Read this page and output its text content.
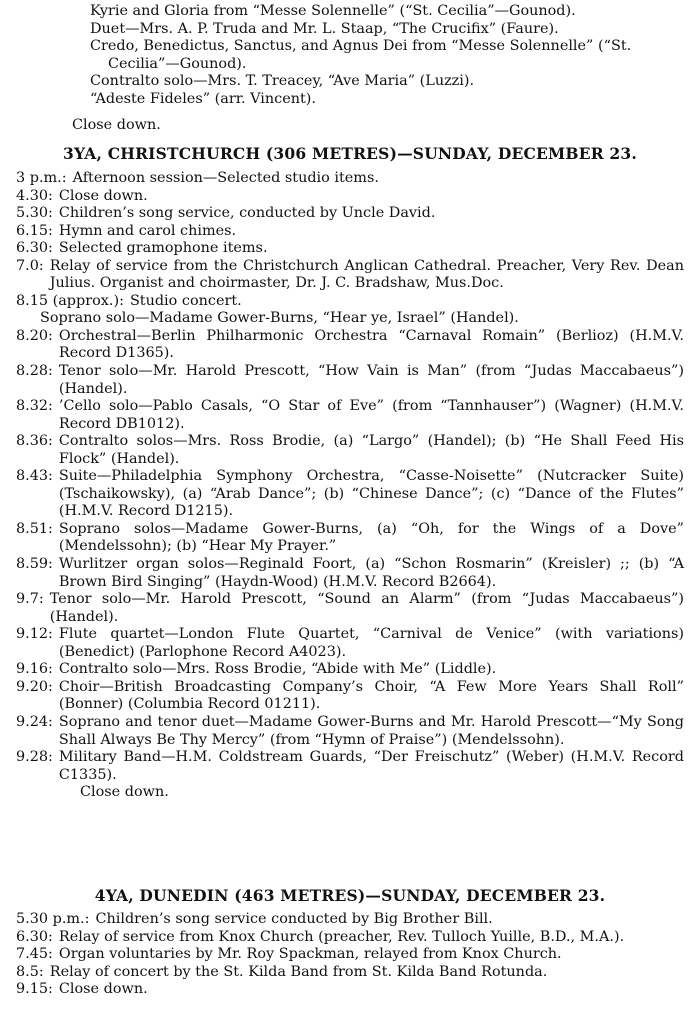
Kyrie and Gloria from “Messe Solennelle” (“St. Cecilia”—Gounod).
Duet—Mrs. A. P. Truda and Mr. L. Staap, “The Crucifix” (Faure).
Credo, Benedictus, Sanctus, and Agnus Dei from “Messe Solennelle” (“St. Cecilia”—Gounod).
Contralto solo—Mrs. T. Treacey, “Ave Maria” (Luzzi).
“Adeste Fideles” (arr. Vincent).
Close down.
3YA, CHRISTCHURCH (306 METRES)—SUNDAY, DECEMBER 23.
3 p.m.: Afternoon session—Selected studio items.
4.30: Close down.
5.30: Children’s song service, conducted by Uncle David.
6.15: Hymn and carol chimes.
6.30: Selected gramophone items.
7.0: Relay of service from the Christchurch Anglican Cathedral. Preacher, Very Rev. Dean Julius. Organist and choirmaster, Dr. J. C. Bradshaw, Mus.Doc.
8.15 (approx.): Studio concert.
Soprano solo—Madame Gower-Burns, “Hear ye, Israel” (Handel).
8.20: Orchestral—Berlin Philharmonic Orchestra “Carnaval Romain” (Berlioz) (H.M.V. Record D1365).
8.28: Tenor solo—Mr. Harold Prescott, “How Vain is Man” (from “Judas Maccabaeus”) (Handel).
8.32: ’Cello solo—Pablo Casals, “O Star of Eve” (from “Tannhauser”) (Wagner) (H.M.V. Record DB1012).
8.36: Contralto solos—Mrs. Ross Brodie, (a) “Largo” (Handel); (b) “He Shall Feed His Flock” (Handel).
8.43: Suite—Philadelphia Symphony Orchestra, “Casse-Noisette” (Nutcracker Suite) (Tschaikowsky), (a) “Arab Dance”; (b) “Chinese Dance”; (c) “Dance of the Flutes” (H.M.V. Record D1215).
8.51: Soprano solos—Madame Gower-Burns, (a) “Oh, for the Wings of a Dove” (Mendelssohn); (b) “Hear My Prayer.”
8.59: Wurlitzer organ solos—Reginald Foort, (a) “Schon Rosmarin” (Kreisler) ;; (b) “A Brown Bird Singing” (Haydn-Wood) (H.M.V. Record B2664).
9.7: Tenor solo—Mr. Harold Prescott, “Sound an Alarm” (from “Judas Maccabaeus”) (Handel).
9.12: Flute quartet—London Flute Quartet, “Carnival de Venice” (with variations) (Benedict) (Parlophone Record A4023).
9.16: Contralto solo—Mrs. Ross Brodie, “Abide with Me” (Liddle).
9.20: Choir—British Broadcasting Company’s Choir, “A Few More Years Shall Roll” (Bonner) (Columbia Record 01211).
9.24: Soprano and tenor duet—Madame Gower-Burns and Mr. Harold Prescott—“My Song Shall Always Be Thy Mercy” (from “Hymn of Praise”) (Mendelssohn).
9.28: Military Band—H.M. Coldstream Guards, “Der Freischutz” (Weber) (H.M.V. Record C1335).
Close down.
4YA, DUNEDIN (463 METRES)—SUNDAY, DECEMBER 23.
5.30 p.m.: Children’s song service conducted by Big Brother Bill.
6.30: Relay of service from Knox Church (preacher, Rev. Tulloch Yuille, B.D., M.A.).
7.45: Organ voluntaries by Mr. Roy Spackman, relayed from Knox Church.
8.5: Relay of concert by the St. Kilda Band from St. Kilda Band Rotunda.
9.15: Close down.
